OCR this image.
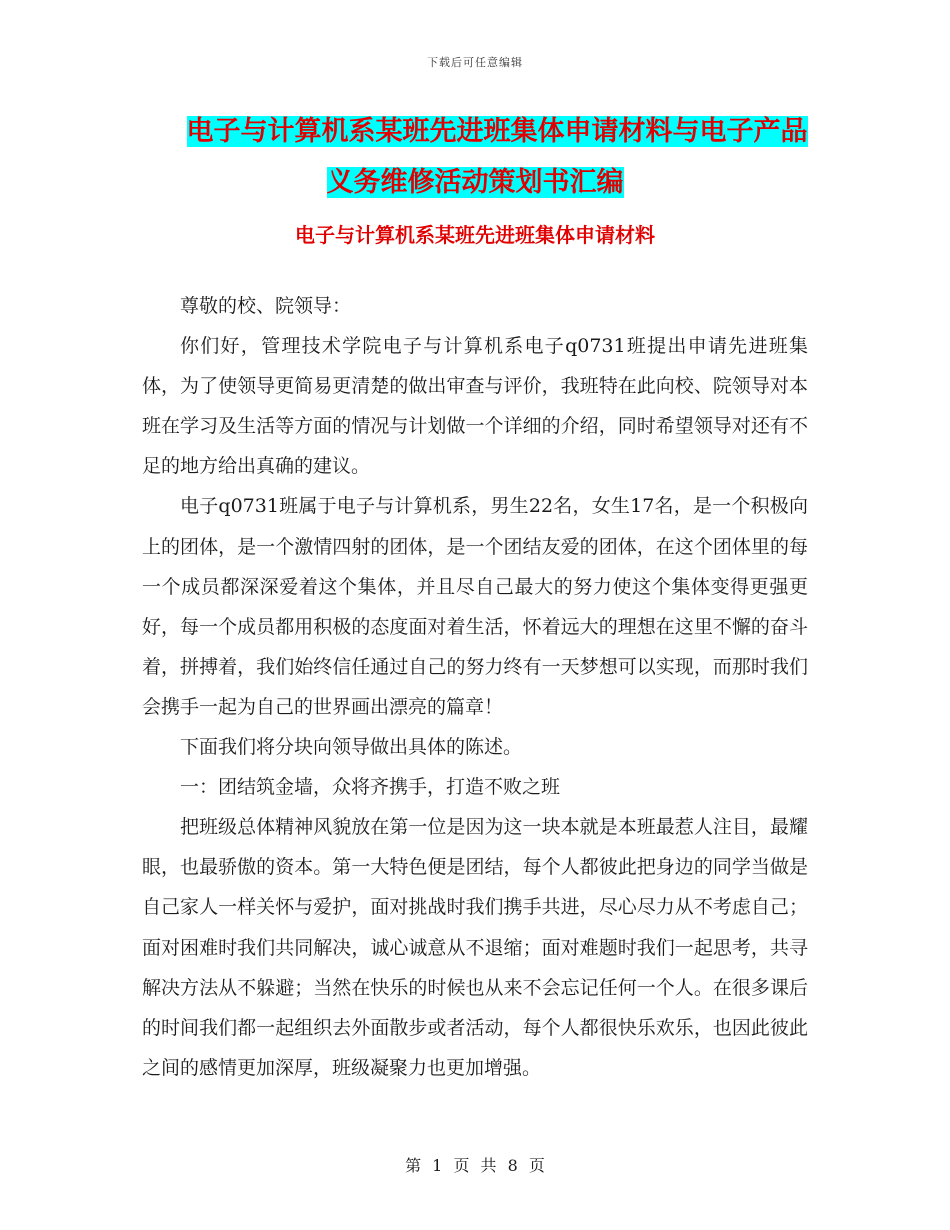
下载后可任意编辑
电子与计算机系某班先进班集体申请材料与电子产品
义务维修活动策划书汇编
电子与计算机系某班先进班集体申请材料

尊敬的校、院领导：

你们好，管理技术学院电子与计算机系电子q0731班提出申请先进班集体，为了使领导更简易更清楚的做出审查与评价，我班特在此向校、院领导对本班在学习及生活等方面的情况与计划做一个详细的介绍，同时希望领导对还有不足的地方给出真确的建议。

电子q0731班属于电子与计算机系，男生22名，女生17名，是一个积极向上的团体，是一个激情四射的团体，是一个团结友爱的团体，在这个团体里的每一个成员都深深爱着这个集体，并且尽自己最大的努力使这个集体变得更强更好，每一个成员都用积极的态度面对着生活，怀着远大的理想在这里不懈的奋斗着，拼搏着，我们始终信任通过自己的努力终有一天梦想可以实现，而那时我们会携手一起为自己的世界画出漂亮的篇章！

下面我们将分块向领导做出具体的陈述。

一：团结筑金墙，众将齐携手，打造不败之班

把班级总体精神风貌放在第一位是因为这一块本就是本班最惹人注目，最耀眼，也最骄傲的资本。第一大特色便是团结，每个人都彼此把身边的同学当做是自己家人一样关怀与爱护，面对挑战时我们携手共进，尽心尽力从不考虑自己；面对困难时我们共同解决，诚心诚意从不退缩；面对难题时我们一起思考，共寻解决方法从不躲避；当然在快乐的时候也从来不会忘记任何一个人。在很多课后的时间我们都一起组织去外面散步或者活动，每个人都很快乐欢乐，也因此彼此之间的感情更加深厚，班级凝聚力也更加增强。

第 1 页 共 8 页
